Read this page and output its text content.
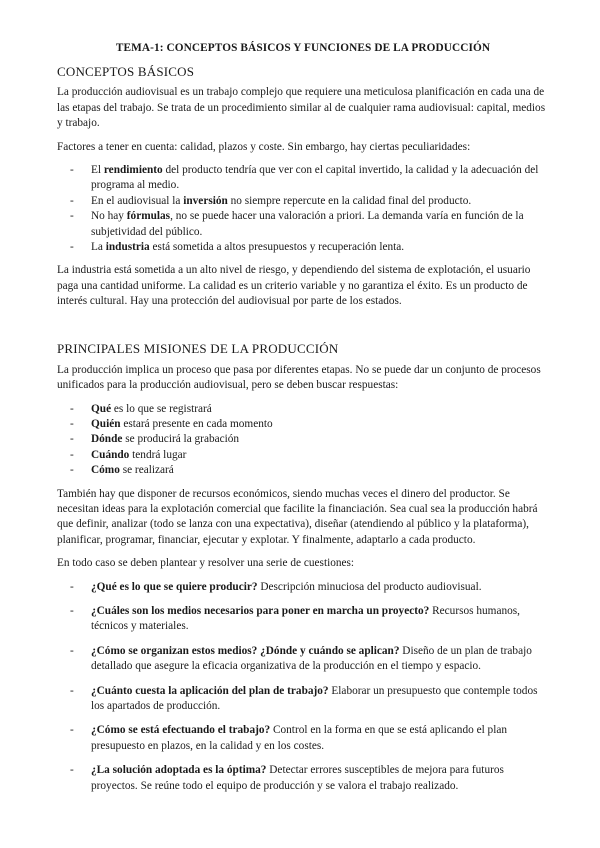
TEMA-1: CONCEPTOS BÁSICOS Y FUNCIONES DE LA PRODUCCIÓN
CONCEPTOS BÁSICOS

La producción audiovisual es un trabajo complejo que requiere una meticulosa planificación en cada una de las etapas del trabajo. Se trata de un procedimiento similar al de cualquier rama audiovisual: capital, medios y trabajo.

Factores a tener en cuenta: calidad, plazos y coste. Sin embargo, hay ciertas peculiaridades:

- El rendimiento del producto tendría que ver con el capital invertido, la calidad y la adecuación del programa al medio.
- En el audiovisual la inversión no siempre repercute en la calidad final del producto.
- No hay fórmulas, no se puede hacer una valoración a priori. La demanda varía en función de la subjetividad del público.
- La industria está sometida a altos presupuestos y recuperación lenta.

La industria está sometida a un alto nivel de riesgo, y dependiendo del sistema de explotación, el usuario paga una cantidad uniforme. La calidad es un criterio variable y no garantiza el éxito. Es un producto de interés cultural. Hay una protección del audiovisual por parte de los estados.

PRINCIPALES MISIONES DE LA PRODUCCIÓN

La producción implica un proceso que pasa por diferentes etapas. No se puede dar un conjunto de procesos unificados para la producción audiovisual, pero se deben buscar respuestas:

- Qué es lo que se registrará
- Quién estará presente en cada momento
- Dónde se producirá la grabación
- Cuándo tendrá lugar
- Cómo se realizará

También hay que disponer de recursos económicos, siendo muchas veces el dinero del productor. Se necesitan ideas para la explotación comercial que facilite la financiación. Sea cual sea la producción habrá que definir, analizar (todo se lanza con una expectativa), diseñar (atendiendo al público y la plataforma), planificar, programar, financiar, ejecutar y explotar. Y finalmente, adaptarlo a cada producto.

En todo caso se deben plantear y resolver una serie de cuestiones:

- ¿Qué es lo que se quiere producir? Descripción minuciosa del producto audiovisual.
- ¿Cuáles son los medios necesarios para poner en marcha un proyecto? Recursos humanos, técnicos y materiales.
- ¿Cómo se organizan estos medios? ¿Dónde y cuándo se aplican? Diseño de un plan de trabajo detallado que asegure la eficacia organizativa de la producción en el tiempo y espacio.
- ¿Cuánto cuesta la aplicación del plan de trabajo? Elaborar un presupuesto que contemple todos los apartados de producción.
- ¿Cómo se está efectuando el trabajo? Control en la forma en que se está aplicando el plan presupuesto en plazos, en la calidad y en los costes.
- ¿La solución adoptada es la óptima? Detectar errores susceptibles de mejora para futuros proyectos. Se reúne todo el equipo de producción y se valora el trabajo realizado.
